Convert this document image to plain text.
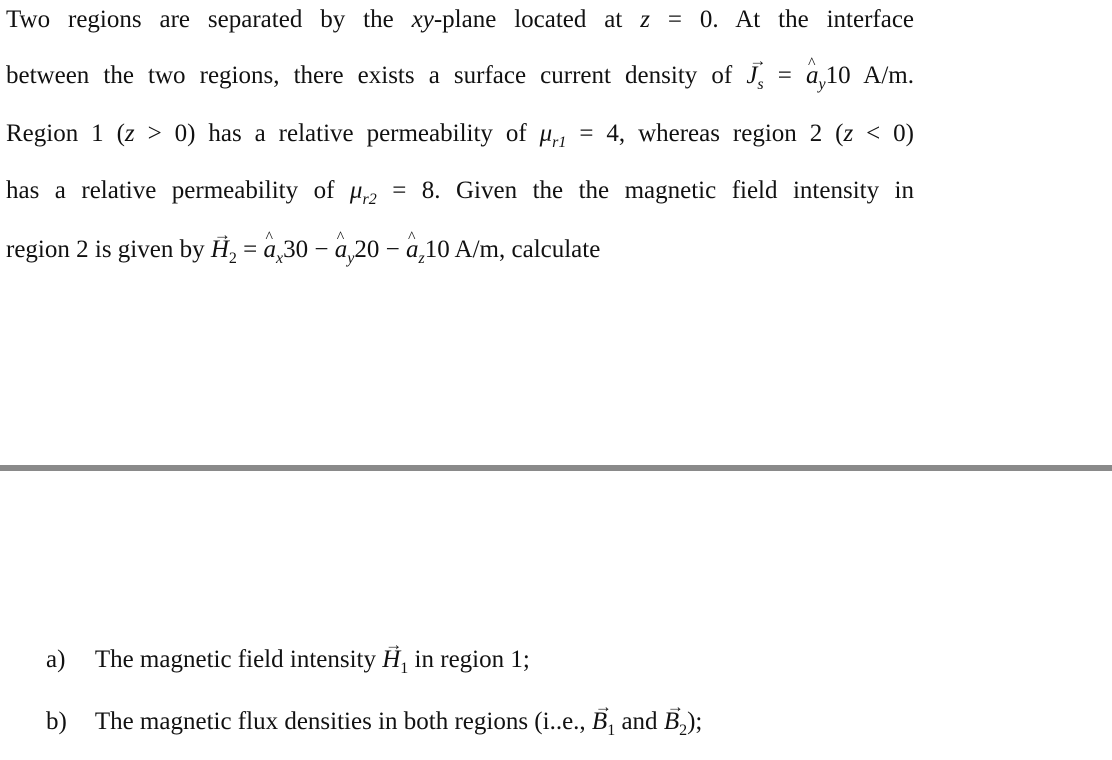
Two regions are separated by the xy-plane located at z = 0. At the interface
between the two regions, there exists a surface current density of → $J_s$ = ^ $a_y10$ A/m.
Region 1 (z > 0) has a relative permeability of $\mu_{r1} = 4$, whereas region 2 (z < 0)
has a relative permeability of $\mu_{r2} = 8$. Given the the magnetic field intensity in
region 2 is given by → $H_2$ = ^ $a_x30$ − ^ $a_y20$ − ^ $a_z10$ A/m, calculate
a) The magnetic field intensity → $H_1$ in region 1;
b) The magnetic flux densities in both regions (i..e., → $B_1$ and → $B_2$);
